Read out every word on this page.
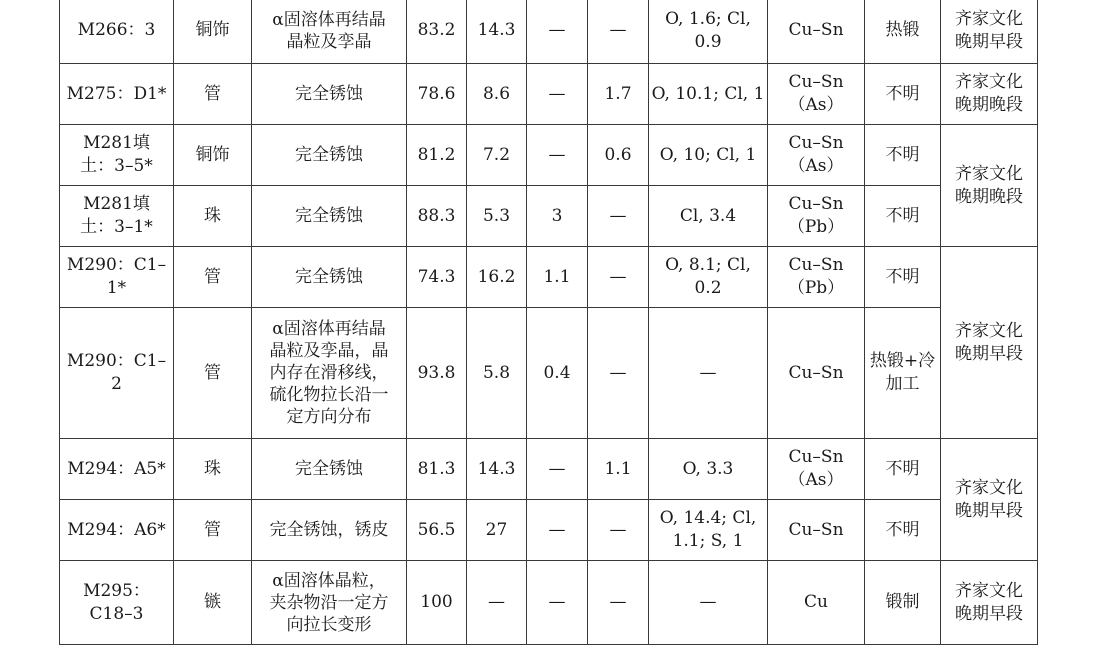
M266：3	铜饰	α固溶体再结晶
晶粒及孪晶	83.2	14.3	—	—	O, 1.6; Cl,
0.9	Cu–Sn	热锻	齐家文化
晚期早段

M275：D1*	管	完全锈蚀	78.6	8.6	—	1.7	O, 10.1; Cl, 1	Cu–Sn
（As）	不明	齐家文化
晚期晚段

M281填
土：3–5*	铜饰	完全锈蚀	81.2	7.2	—	0.6	O, 10; Cl, 1	Cu–Sn
（As）	不明	齐家文化
晚期晚段

M281填
土：3–1*	珠	完全锈蚀	88.3	5.3	3	—	Cl, 3.4	Cu–Sn
（Pb）	不明	

M290：C1–1*	管	完全锈蚀	74.3	16.2	1.1	—	O, 8.1; Cl,
0.2	Cu–Sn
（Pb）	不明	齐家文化
晚期早段

M290：C1–2	管	α固溶体再结晶
晶粒及孪晶，晶
内存在滑移线，
硫化物拉长沿一
定方向分布	93.8	5.8	0.4	—	—	Cu–Sn	热锻+冷
加工	

M294：A5*	珠	完全锈蚀	81.3	14.3	—	1.1	O, 3.3	Cu–Sn
（As）	不明	齐家文化
晚期早段

M294：A6*	管	完全锈蚀，锈皮	56.5	27	—	—	O, 14.4; Cl,
1.1; S, 1	Cu–Sn	不明	

M295：C18–3	镞	α固溶体晶粒，
夹杂物沿一定方
向拉长变形	100	—	—	—	—	Cu	锻制	齐家文化
晚期早段
